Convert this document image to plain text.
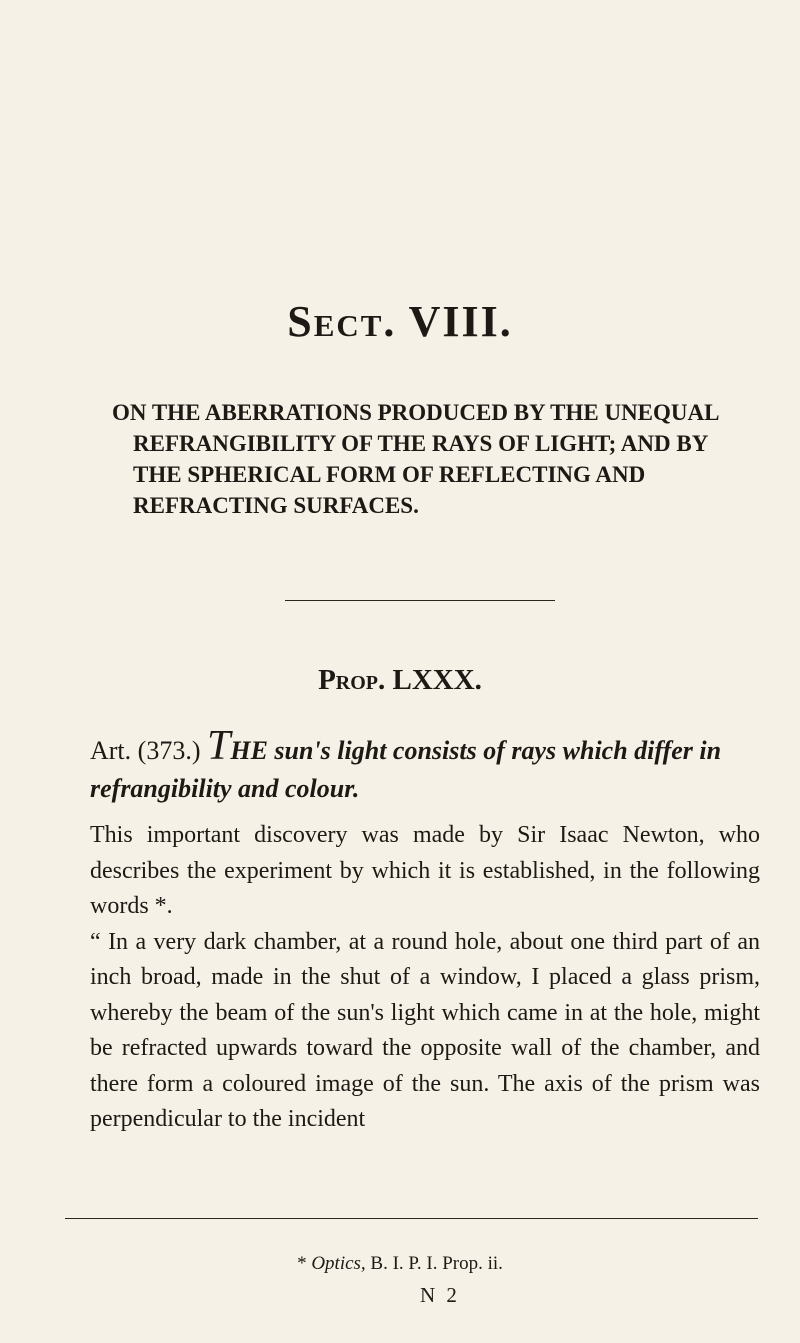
Sect. VIII.
ON THE ABERRATIONS PRODUCED BY THE UNEQUAL REFRANGIBILITY OF THE RAYS OF LIGHT; AND BY THE SPHERICAL FORM OF REFLECTING AND REFRACTING SURFACES.
Prop. LXXX.

Art. (373.) THE sun's light consists of rays which differ in refrangibility and colour.

This important discovery was made by Sir Isaac Newton, who describes the experiment by which it is established, in the following words *.

“ In a very dark chamber, at a round hole, about one third part of an inch broad, made in the shut of a window, I placed a glass prism, whereby the beam of the sun's light which came in at the hole, might be refracted upwards toward the opposite wall of the chamber, and there form a coloured image of the sun. The axis of the prism was perpendicular to the incident

* Optics, B. I. P. I. Prop. ii.

N 2
